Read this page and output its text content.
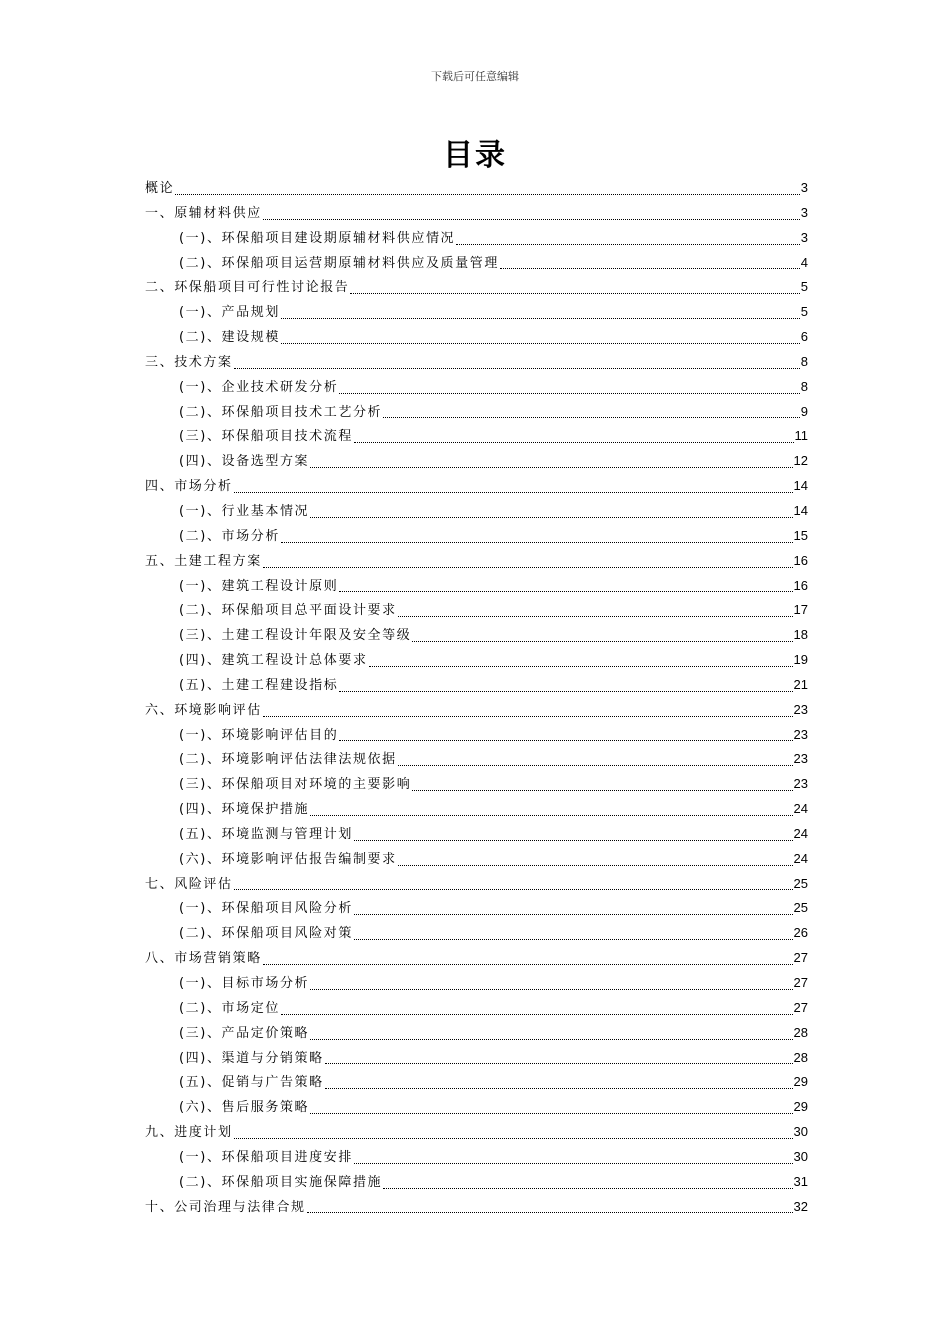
下载后可任意编辑
目录
概论	3
一、原辅材料供应	3
(一)、环保船项目建设期原辅材料供应情况	3
(二)、环保船项目运营期原辅材料供应及质量管理	4
二、环保船项目可行性讨论报告	5
(一)、产品规划	5
(二)、建设规模	6
三、技术方案	8
(一)、企业技术研发分析	8
(二)、环保船项目技术工艺分析	9
(三)、环保船项目技术流程	11
(四)、设备选型方案	12
四、市场分析	14
(一)、行业基本情况	14
(二)、市场分析	15
五、土建工程方案	16
(一)、建筑工程设计原则	16
(二)、环保船项目总平面设计要求	17
(三)、土建工程设计年限及安全等级	18
(四)、建筑工程设计总体要求	19
(五)、土建工程建设指标	21
六、环境影响评估	23
(一)、环境影响评估目的	23
(二)、环境影响评估法律法规依据	23
(三)、环保船项目对环境的主要影响	23
(四)、环境保护措施	24
(五)、环境监测与管理计划	24
(六)、环境影响评估报告编制要求	24
七、风险评估	25
(一)、环保船项目风险分析	25
(二)、环保船项目风险对策	26
八、市场营销策略	27
(一)、目标市场分析	27
(二)、市场定位	27
(三)、产品定价策略	28
(四)、渠道与分销策略	28
(五)、促销与广告策略	29
(六)、售后服务策略	29
九、进度计划	30
(一)、环保船项目进度安排	30
(二)、环保船项目实施保障措施	31
十、公司治理与法律合规	32
